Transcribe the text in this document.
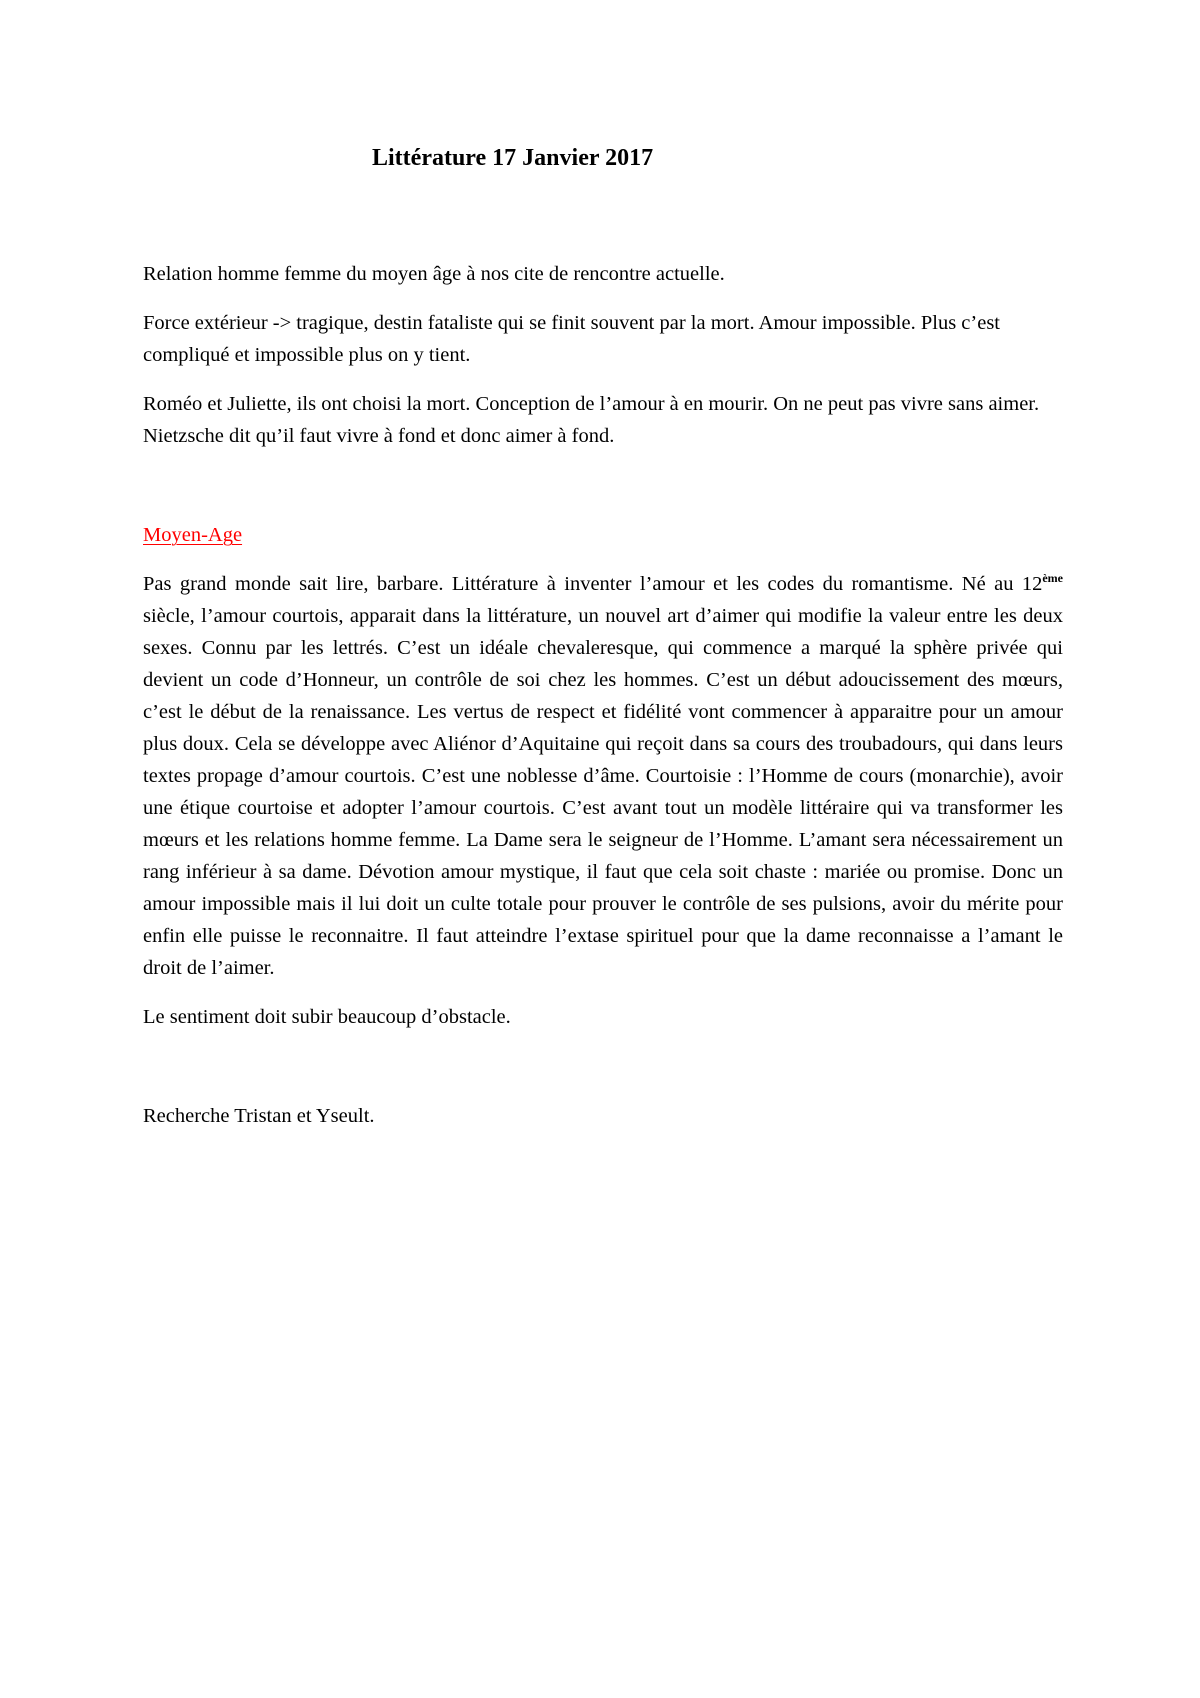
Littérature 17 Janvier 2017

Relation homme femme du moyen âge à nos cite de rencontre actuelle.

Force extérieur -> tragique, destin fataliste qui se finit souvent par la mort. Amour impossible. Plus c’est compliqué et impossible plus on y tient.

Roméo et Juliette, ils ont choisi la mort. Conception de l’amour à en mourir. On ne peut pas vivre sans aimer. Nietzsche dit qu’il faut vivre à fond et donc aimer à fond.

Moyen-Age

Pas grand monde sait lire, barbare. Littérature à inventer l’amour et les codes du romantisme. Né au 12ème siècle, l’amour courtois, apparait dans la littérature, un nouvel art d’aimer qui modifie la valeur entre les deux sexes. Connu par les lettrés. C’est un idéale chevaleresque, qui commence a marqué la sphère privée qui devient un code d’Honneur, un contrôle de soi chez les hommes. C’est un début adoucissement des mœurs, c’est le début de la renaissance. Les vertus de respect et fidélité vont commencer à apparaitre pour un amour plus doux. Cela se développe avec Aliénor d’Aquitaine qui reçoit dans sa cours des troubadours, qui dans leurs textes propage d’amour courtois. C’est une noblesse d’âme. Courtoisie : l’Homme de cours (monarchie), avoir une étique courtoise et adopter l’amour courtois. C’est avant tout un modèle littéraire qui va transformer les mœurs et les relations homme femme. La Dame sera le seigneur de l’Homme. L’amant sera nécessairement un rang inférieur à sa dame. Dévotion amour mystique, il faut que cela soit chaste : mariée ou promise. Donc un amour impossible mais il lui doit un culte totale pour prouver le contrôle de ses pulsions, avoir du mérite pour enfin elle puisse le reconnaitre. Il faut atteindre l’extase spirituel pour que la dame reconnaisse a l’amant le droit de l’aimer.

Le sentiment doit subir beaucoup d’obstacle.

Recherche Tristan et Yseult.
